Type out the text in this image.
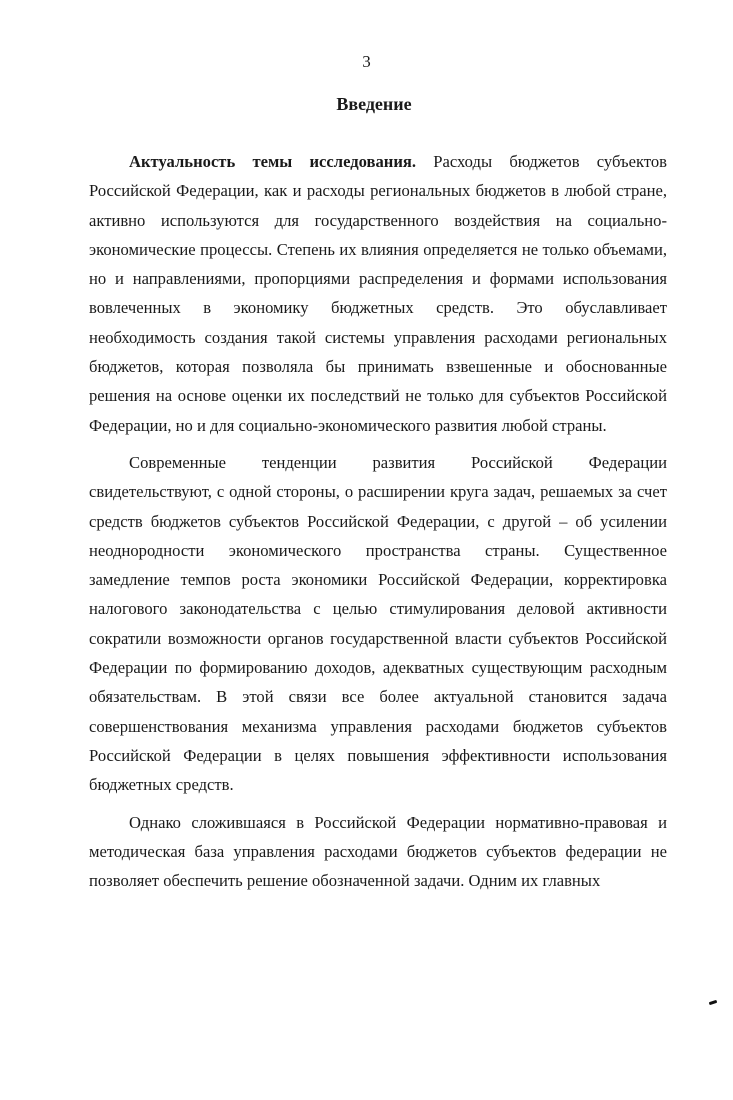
3
Введение

Актуальность темы исследования. Расходы бюджетов субъектов Российской Федерации, как и расходы региональных бюджетов в любой стране, активно используются для государственного воздействия на социально-экономические процессы. Степень их влияния определяется не только объемами, но и направлениями, пропорциями распределения и формами использования вовлеченных в экономику бюджетных средств. Это обуславливает необходимость создания такой системы управления расходами региональных бюджетов, которая позволяла бы принимать взвешенные и обоснованные решения на основе оценки их последствий не только для субъектов Российской Федерации, но и для социально-экономического развития любой страны.

Современные тенденции развития Российской Федерации свидетельствуют, с одной стороны, о расширении круга задач, решаемых за счет средств бюджетов субъектов Российской Федерации, с другой – об усилении неоднородности экономического пространства страны. Существенное замедление темпов роста экономики Российской Федерации, корректировка налогового законодательства с целью стимулирования деловой активности сократили возможности органов государственной власти субъектов Российской Федерации по формированию доходов, адекватных существующим расходным обязательствам. В этой связи все более актуальной становится задача совершенствования механизма управления расходами бюджетов субъектов Российской Федерации в целях повышения эффективности использования бюджетных средств.

Однако сложившаяся в Российской Федерации нормативно-правовая и методическая база управления расходами бюджетов субъектов федерации не позволяет обеспечить решение обозначенной задачи. Одним их главных
